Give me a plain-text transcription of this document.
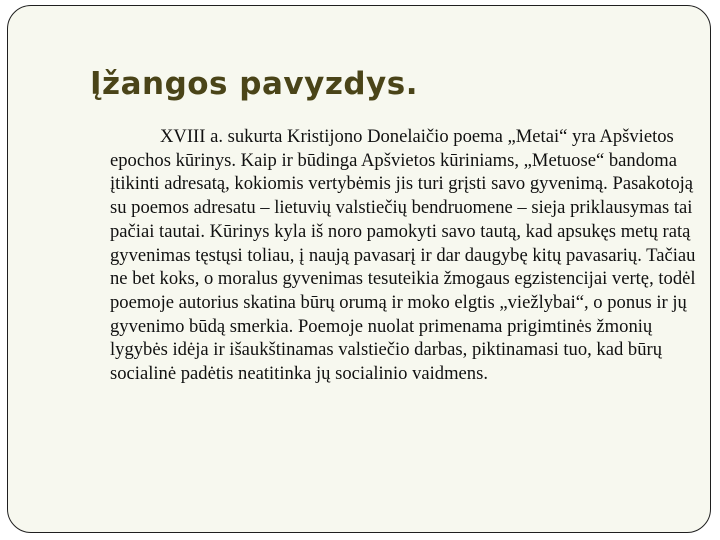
Įžangos pavyzdys.

XVIII a. sukurta Kristijono Donelaičio poema „Metai“ yra Apšvietos epochos kūrinys. Kaip ir būdinga Apšvietos kūriniams, „Metuose“ bandoma įtikinti adresatą, kokiomis vertybėmis jis turi grįsti savo gyvenimą. Pasakotoją su poemos adresatu – lietuvių valstiečių bendruomene – sieja priklausymas tai pačiai tautai. Kūrinys kyla iš noro pamokyti savo tautą, kad apsukęs metų ratą gyvenimas tęstųsi toliau, į naują pavasarį ir dar daugybę kitų pavasarių. Tačiau ne bet koks, o moralus gyvenimas tesuteikia žmogaus egzistencijai vertę, todėl poemoje autorius skatina būrų orumą ir moko elgtis „viežlybai“, o ponus ir jų gyvenimo būdą smerkia. Poemoje nuolat primenama prigimtinės žmonių lygybės idėja ir išaukštinamas valstiečio darbas, piktinamasi tuo, kad būrų socialinė padėtis neatitinka jų socialinio vaidmens.
